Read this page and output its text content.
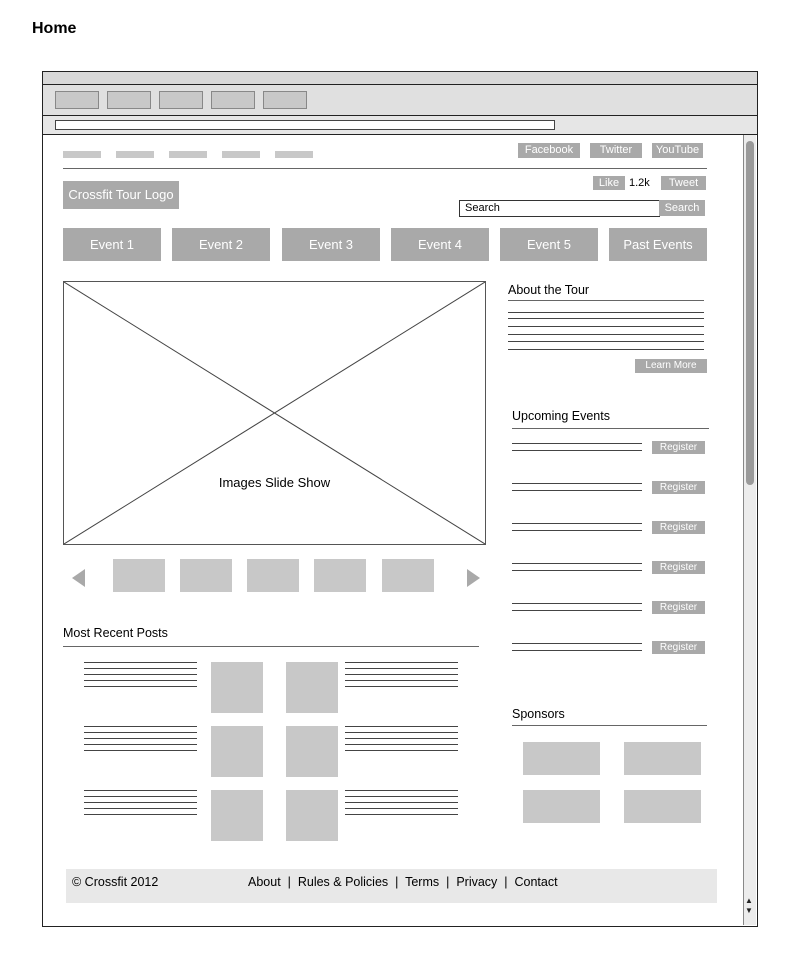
Home
▲
▼
Facebook	Twitter	YouTube
Like 1.2k	Tweet
Crossfit Tour Logo
Search	Search
Event 1	Event 2	Event 3	Event 4	Event 5	Past Events
Images Slide Show
About the Tour
Learn More
Upcoming Events
Register
Register
Register
Register
Register
Register
Sponsors
Most Recent Posts
© Crossfit 2012	About  |  Rules & Policies  |  Terms  |  Privacy  |  Contact
